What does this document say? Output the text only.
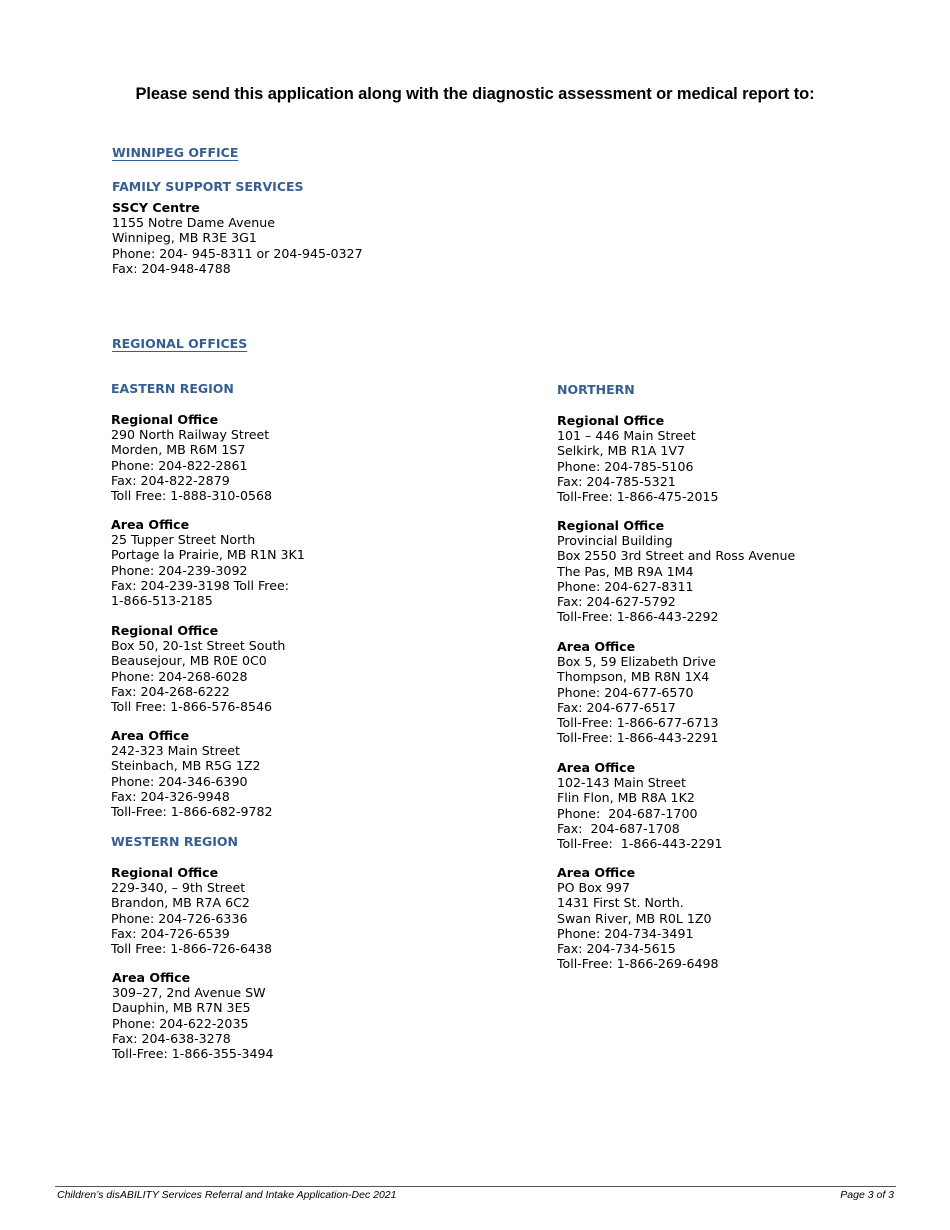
Please send this application along with the diagnostic assessment or medical report to:
WINNIPEG OFFICE
FAMILY SUPPORT SERVICES
SSCY Centre
1155 Notre Dame Avenue
Winnipeg, MB R3E 3G1
Phone: 204- 945-8311 or 204-945-0327
Fax: 204-948-4788
REGIONAL OFFICES
EASTERN REGION
Regional Office
290 North Railway Street
Morden, MB R6M 1S7
Phone: 204-822-2861
Fax: 204-822-2879
Toll Free: 1-888-310-0568
Area Office
25 Tupper Street North
Portage la Prairie, MB R1N 3K1
Phone: 204-239-3092
Fax: 204-239-3198 Toll Free:
1-866-513-2185
Regional Office
Box 50, 20-1st Street South
Beausejour, MB R0E 0C0
Phone: 204-268-6028
Fax: 204-268-6222
Toll Free: 1-866-576-8546
Area Office
242-323 Main Street
Steinbach, MB R5G 1Z2
Phone: 204-346-6390
Fax: 204-326-9948
Toll-Free: 1-866-682-9782
WESTERN REGION
Regional Office
229-340, – 9th Street
Brandon, MB R7A 6C2
Phone: 204-726-6336
Fax: 204-726-6539
Toll Free: 1-866-726-6438
Area Office
309–27, 2nd Avenue SW
Dauphin, MB R7N 3E5
Phone: 204-622-2035
Fax: 204-638-3278
Toll-Free: 1-866-355-3494
NORTHERN
Regional Office
101 – 446 Main Street
Selkirk, MB R1A 1V7
Phone: 204-785-5106
Fax: 204-785-5321
Toll-Free: 1-866-475-2015
Regional Office
Provincial Building
Box 2550 3rd Street and Ross Avenue
The Pas, MB R9A 1M4
Phone: 204-627-8311
Fax: 204-627-5792
Toll-Free: 1-866-443-2292
Area Office
Box 5, 59 Elizabeth Drive
Thompson, MB R8N 1X4
Phone: 204-677-6570
Fax: 204-677-6517
Toll-Free: 1-866-677-6713
Toll-Free: 1-866-443-2291
Area Office
102-143 Main Street
Flin Flon, MB R8A 1K2
Phone:  204-687-1700
Fax:  204-687-1708
Toll-Free:  1-866-443-2291
Area Office
PO Box 997
1431 First St. North.
Swan River, MB R0L 1Z0
Phone: 204-734-3491
Fax: 204-734-5615
Toll-Free: 1-866-269-6498
Children’s disABILITY Services Referral and Intake Application-Dec 2021	Page 3 of 3
